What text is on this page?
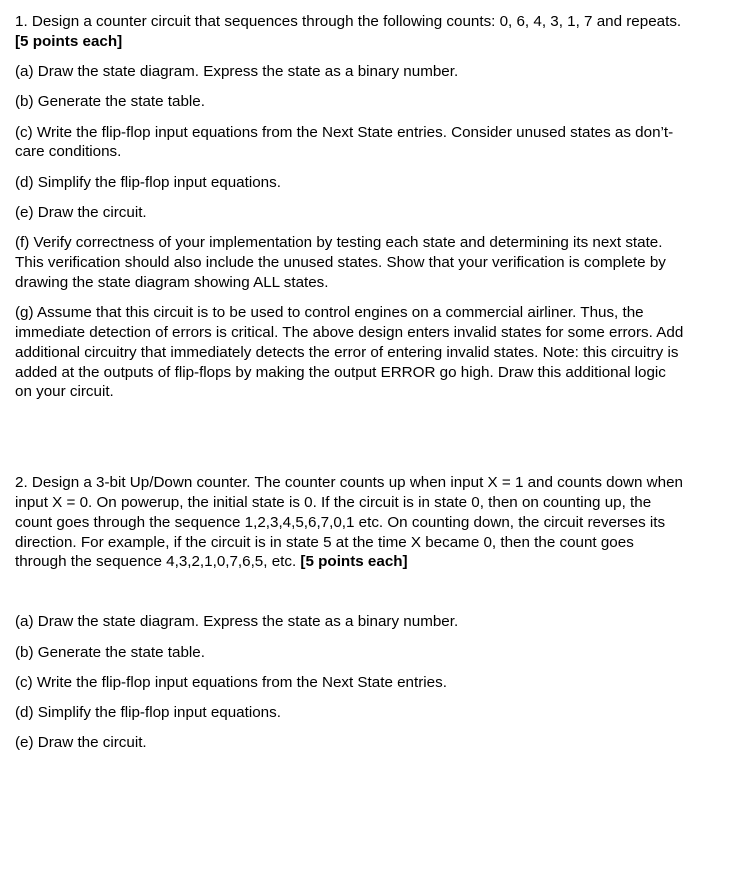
1. Design a counter circuit that sequences through the following counts: 0, 6, 4, 3, 1, 7 and repeats. [5 points each]

(a) Draw the state diagram. Express the state as a binary number.

(b) Generate the state table.

(c) Write the flip-flop input equations from the Next State entries. Consider unused states as don’t-care conditions.

(d) Simplify the flip-flop input equations.

(e) Draw the circuit.

(f) Verify correctness of your implementation by testing each state and determining its next state. This verification should also include the unused states. Show that your verification is complete by drawing the state diagram showing ALL states.

(g) Assume that this circuit is to be used to control engines on a commercial airliner. Thus, the immediate detection of errors is critical. The above design enters invalid states for some errors. Add additional circuitry that immediately detects the error of entering invalid states. Note: this circuitry is added at the outputs of flip-flops by making the output ERROR go high. Draw this additional logic on your circuit.

2. Design a 3-bit Up/Down counter. The counter counts up when input X = 1 and counts down when input X = 0. On powerup, the initial state is 0. If the circuit is in state 0, then on counting up, the count goes through the sequence 1,2,3,4,5,6,7,0,1 etc. On counting down, the circuit reverses its direction. For example, if the circuit is in state 5 at the time X became 0, then the count goes through the sequence 4,3,2,1,0,7,6,5, etc. [5 points each]

(a) Draw the state diagram. Express the state as a binary number.

(b) Generate the state table.

(c) Write the flip-flop input equations from the Next State entries.

(d) Simplify the flip-flop input equations.

(e) Draw the circuit.
